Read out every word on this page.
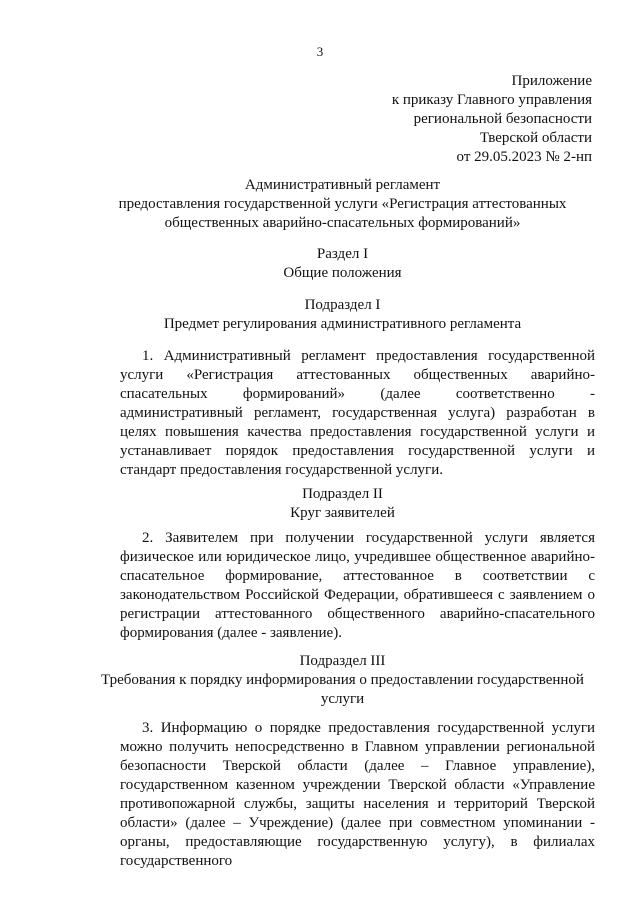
3
Приложение
к приказу Главного управления
региональной безопасности
Тверской области
от 29.05.2023 № 2-нп
Административный регламент
предоставления государственной услуги «Регистрация аттестованных
общественных аварийно-спасательных формирований»
Раздел I
Общие положения
Подраздел I
Предмет регулирования административного регламента
1. Административный регламент предоставления государственной услуги «Регистрация аттестованных общественных аварийно-спасательных формирований» (далее соответственно - административный регламент, государственная услуга) разработан в целях повышения качества предоставления государственной услуги и устанавливает порядок предоставления государственной услуги и стандарт предоставления государственной услуги.
Подраздел II
Круг заявителей
2. Заявителем при получении государственной услуги является физическое или юридическое лицо, учредившее общественное аварийно-спасательное формирование, аттестованное в соответствии с законодательством Российской Федерации, обратившееся с заявлением о регистрации аттестованного общественного аварийно-спасательного формирования (далее - заявление).
Подраздел III
Требования к порядку информирования о предоставлении государственной
услуги
3. Информацию о порядке предоставления государственной услуги можно получить непосредственно в Главном управлении региональной безопасности Тверской области (далее – Главное управление), государственном казенном учреждении Тверской области «Управление противопожарной службы, защиты населения и территорий Тверской области» (далее – Учреждение) (далее при совместном упоминании - органы, предоставляющие государственную услугу), в филиалах государственного
